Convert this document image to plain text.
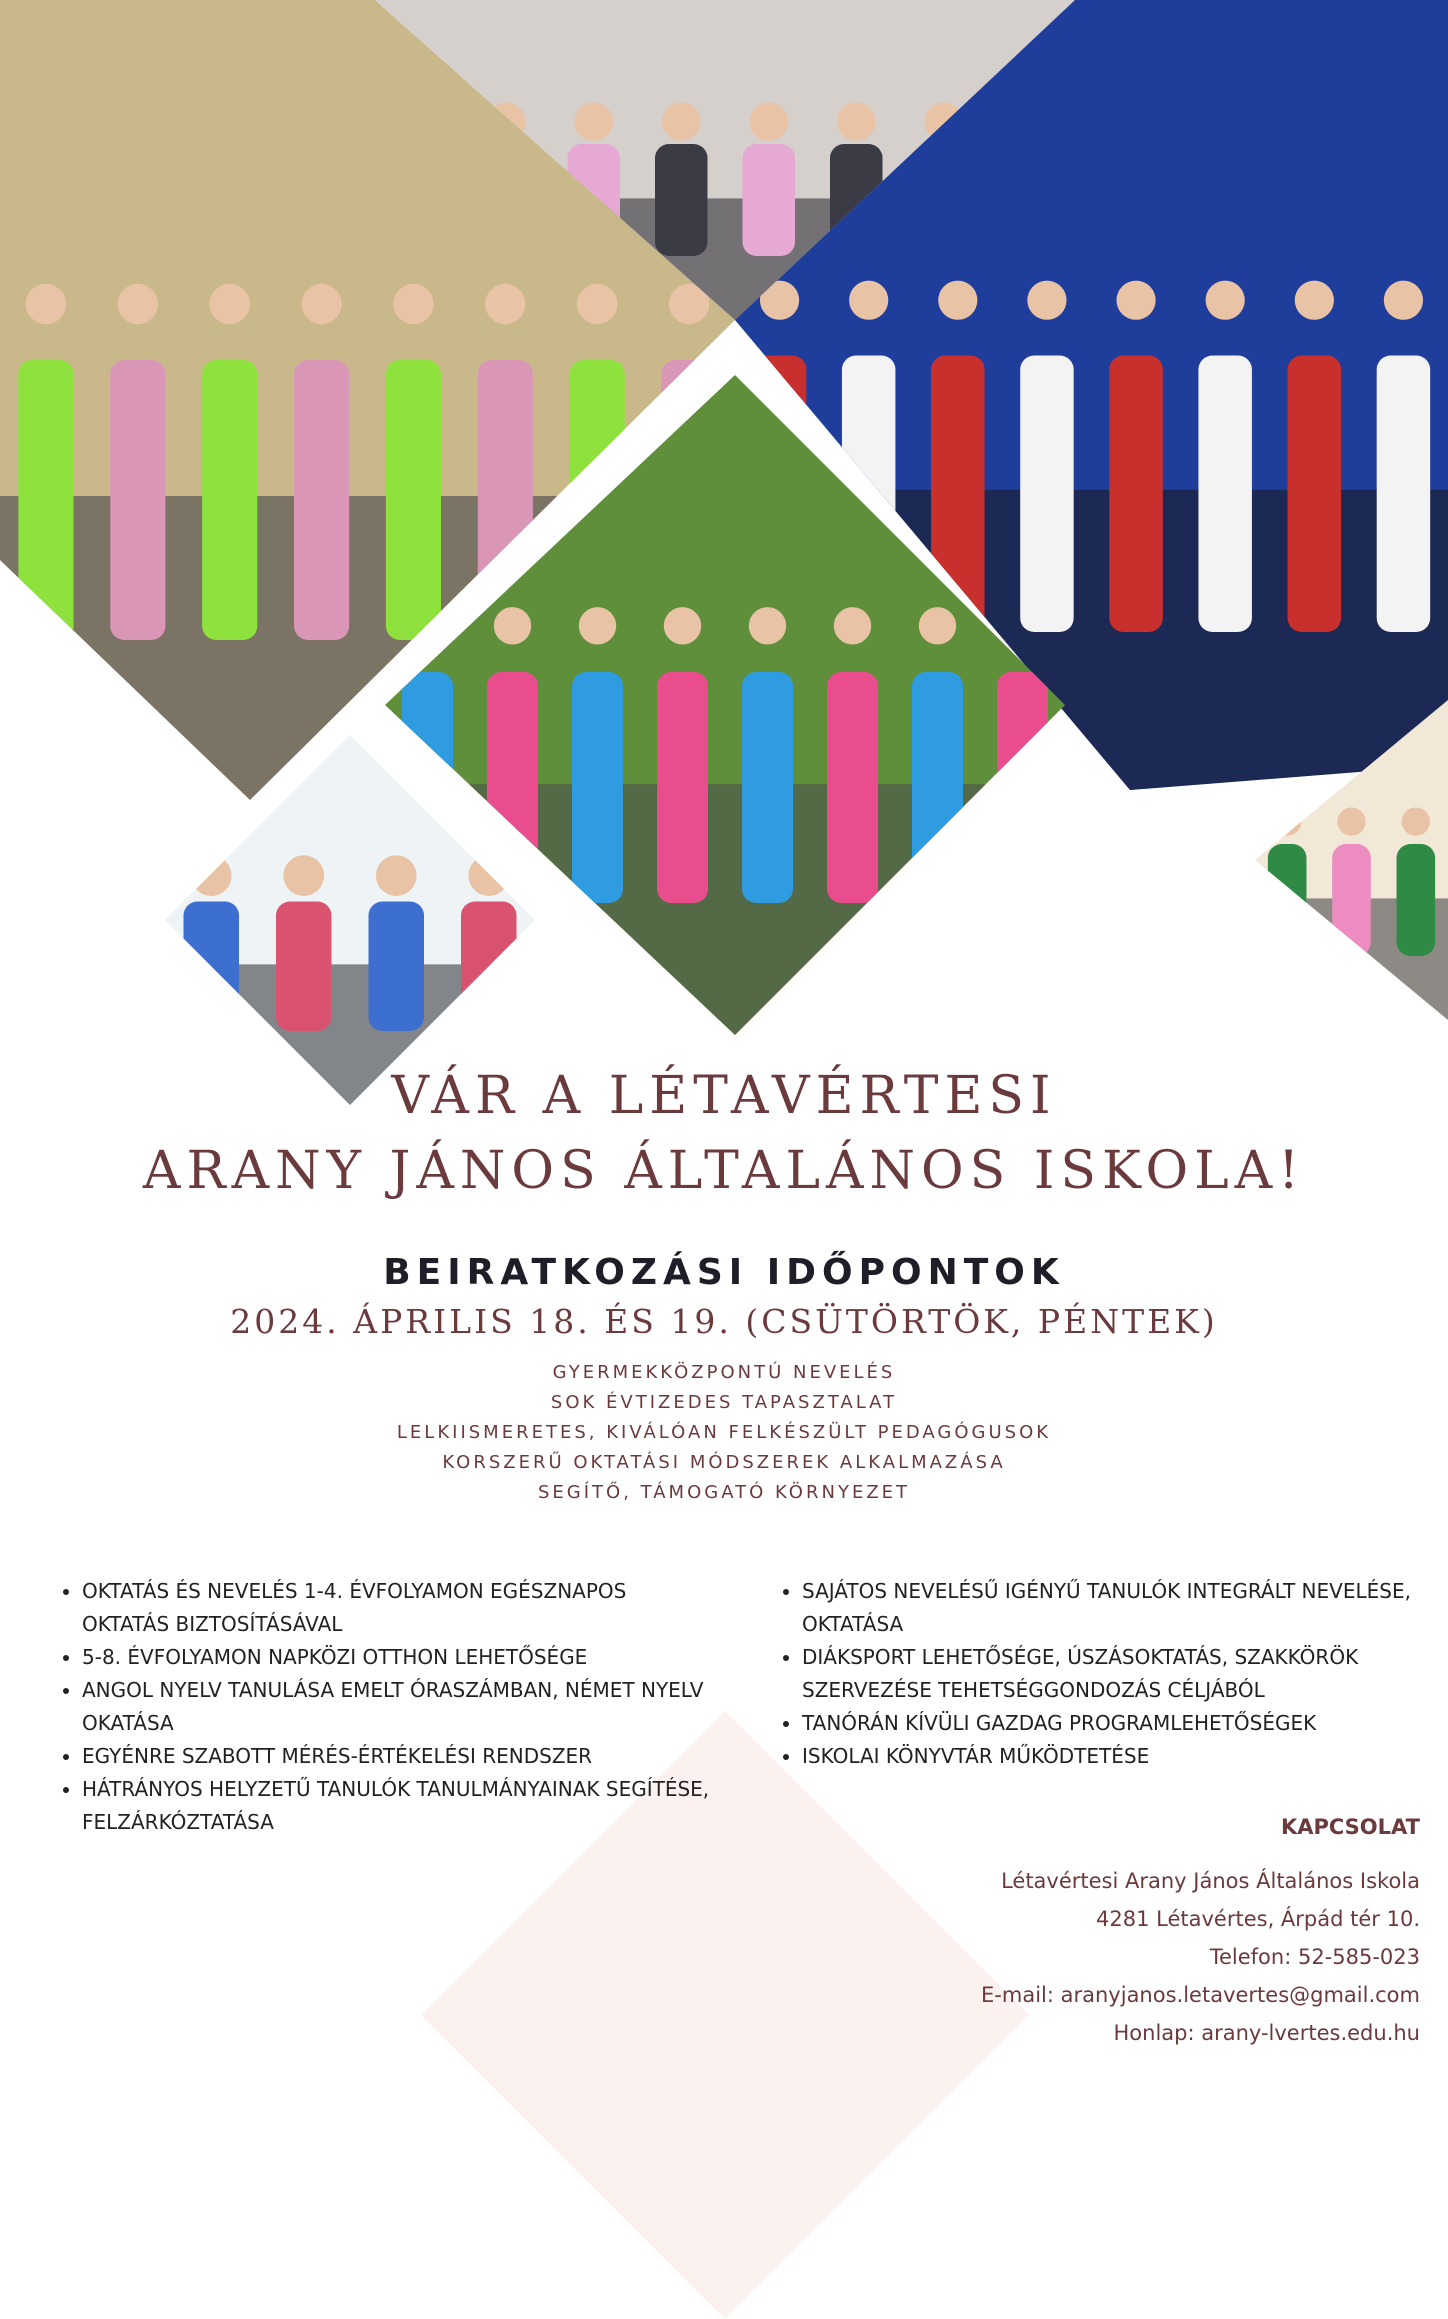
VÁR A LÉTAVÉRTESI
ARANY JÁNOS ÁLTALÁNOS ISKOLA!
BEIRATKOZÁSI IDŐPONTOK
2024. ÁPRILIS 18. ÉS 19. (CSÜTÖRTÖK, PÉNTEK)
GYERMEKKÖZPONTÚ NEVELÉS
SOK ÉVTIZEDES TAPASZTALAT
LELKIISMERETES, KIVÁLÓAN FELKÉSZÜLT PEDAGÓGUSOK
KORSZERŰ OKTATÁSI MÓDSZEREK ALKALMAZÁSA
SEGÍTŐ, TÁMOGATÓ KÖRNYEZET
• OKTATÁS ÉS NEVELÉS 1-4. ÉVFOLYAMON EGÉSZNAPOS OKTATÁS BIZTOSÍTÁSÁVAL
• 5-8. ÉVFOLYAMON NAPKÖZI OTTHON LEHETŐSÉGE
• ANGOL NYELV TANULÁSA EMELT ÓRASZÁMBAN, NÉMET NYELV OKATÁSA
• EGYÉNRE SZABOTT MÉRÉS-ÉRTÉKELÉSI RENDSZER
• HÁTRÁNYOS HELYZETŰ TANULÓK TANULMÁNYAINAK SEGÍTÉSE, FELZÁRKÓZTATÁSA
• SAJÁTOS NEVELÉSŰ IGÉNYŰ TANULÓK INTEGRÁLT NEVELÉSE, OKTATÁSA
• DIÁKSPORT LEHETŐSÉGE, ÚSZÁSOKTATÁS, SZAKKÖRÖK SZERVEZÉSE TEHETSÉGGONDOZÁS CÉLJÁBÓL
• TANÓRÁN KÍVÜLI GAZDAG PROGRAMLEHETŐSÉGEK
• ISKOLAI KÖNYVTÁR MŰKÖDTETÉSE
KAPCSOLAT
Létavértesi Arany János Általános Iskola
4281 Létavértes, Árpád tér 10.
Telefon: 52-585-023
E-mail: aranyjanos.letavertes@gmail.com
Honlap: arany-lvertes.edu.hu
